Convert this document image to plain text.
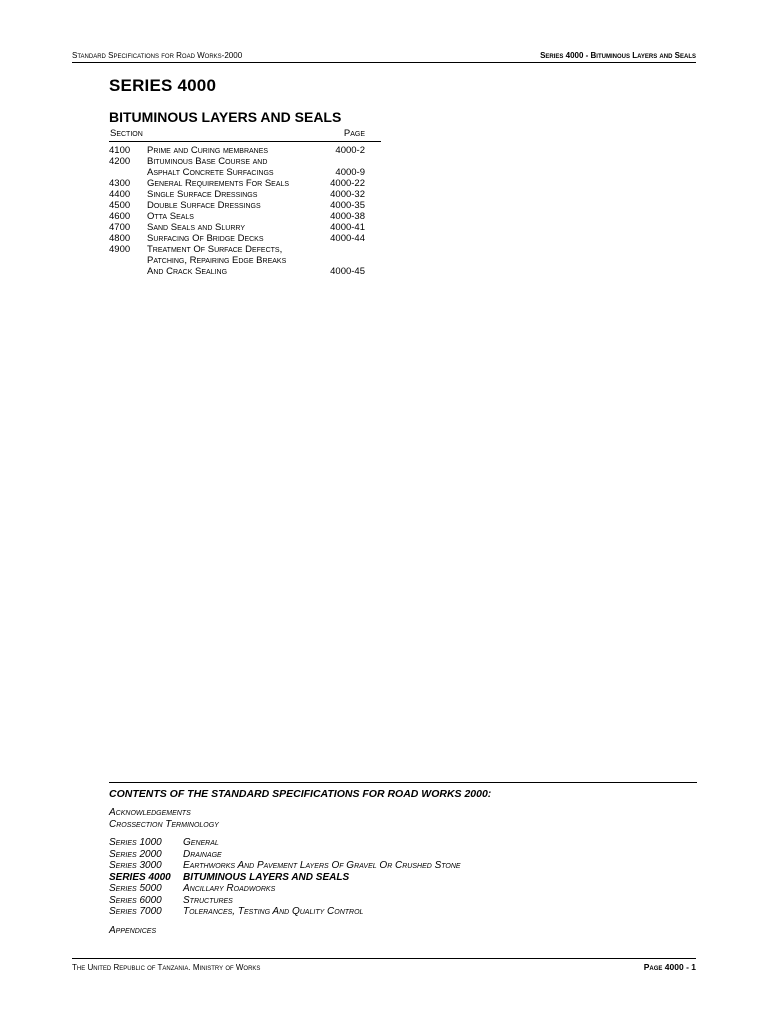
Standard Specifications for Road Works-2000	Series 4000 - Bituminous Layers and Seals
SERIES 4000
BITUMINOUS LAYERS AND SEALS
Section	Page
4100	Prime and Curing membranes	4000-2
4200	Bituminous Base Course and
Asphalt Concrete Surfacings	4000-9
4300	General Requirements For Seals	4000-22
4400	Single Surface Dressings	4000-32
4500	Double Surface Dressings	4000-35
4600	Otta Seals	4000-38
4700	Sand Seals and Slurry	4000-41
4800	Surfacing Of Bridge Decks	4000-44
4900	Treatment Of Surface Defects,
Patching, Repairing Edge Breaks
And Crack Sealing	4000-45
CONTENTS OF THE STANDARD SPECIFICATIONS FOR ROAD WORKS 2000:
Acknowledgements
Crossection Terminology
Series 1000 General
Series 2000 Drainage
Series 3000 Earthworks And Pavement Layers Of Gravel Or Crushed Stone
SERIES 4000 BITUMINOUS LAYERS AND SEALS
Series 5000 Ancillary Roadworks
Series 6000 Structures
Series 7000 Tolerances, Testing And Quality Control
Appendices
The United Republic of Tanzania. Ministry of Works	Page 4000 - 1
